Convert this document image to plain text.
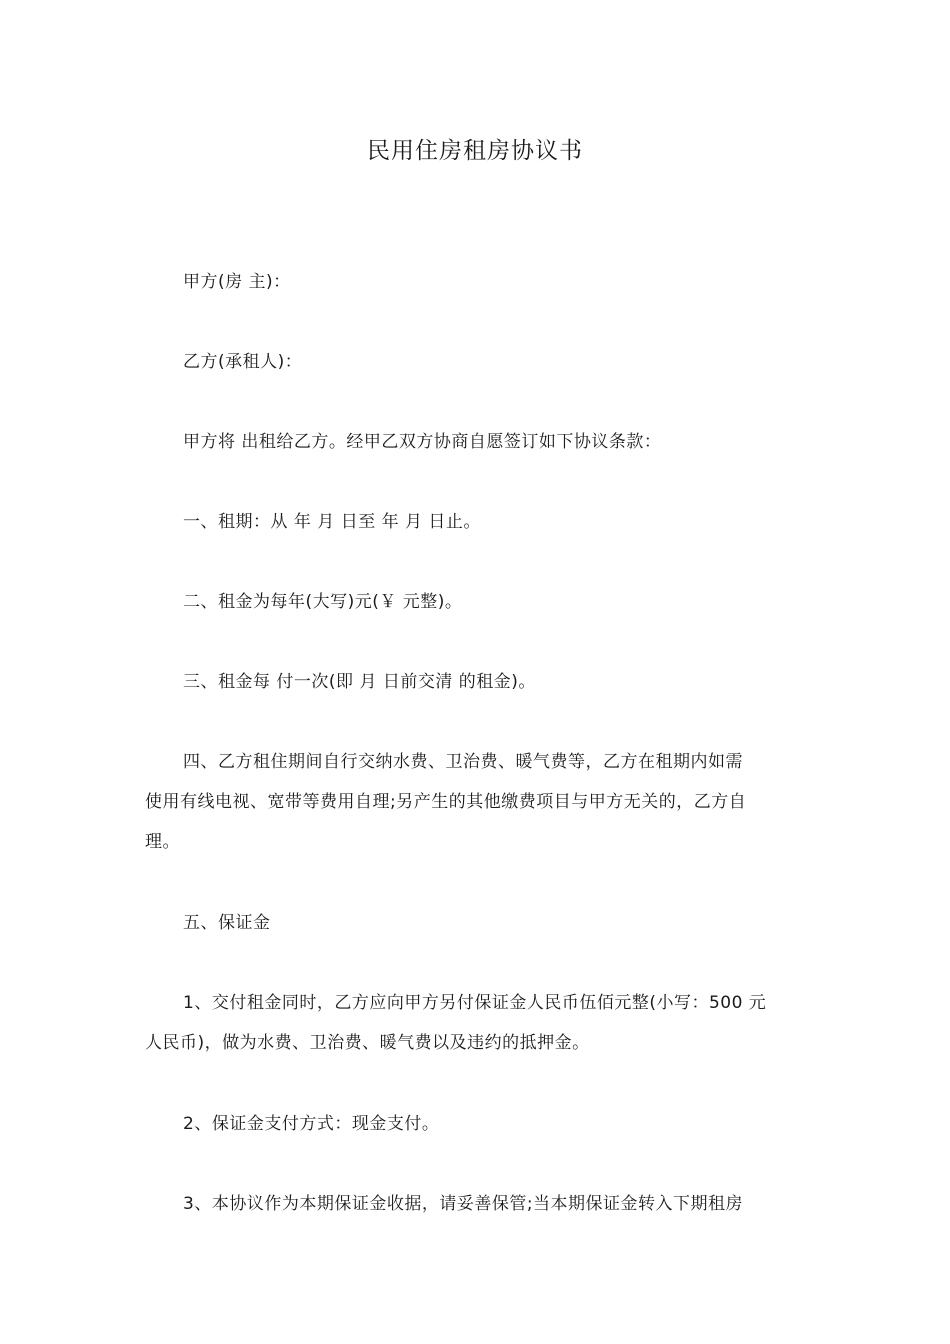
民用住房租房协议书

甲方(房 主)：

乙方(承租人)：

甲方将 出租给乙方。经甲乙双方协商自愿签订如下协议条款：

一、租期：从 年 月 日至 年 月 日止。

二、租金为每年(大写)元(￥ 元整)。

三、租金每 付一次(即 月 日前交清 的租金)。

四、乙方租住期间自行交纳水费、卫治费、暖气费等，乙方在租期内如需
使用有线电视、宽带等费用自理;另产生的其他缴费项目与甲方无关的，乙方自
理。

五、保证金

1、交付租金同时，乙方应向甲方另付保证金人民币伍佰元整(小写：500 元
人民币)，做为水费、卫治费、暖气费以及违约的抵押金。

2、保证金支付方式：现金支付。

3、本协议作为本期保证金收据，请妥善保管;当本期保证金转入下期租房
